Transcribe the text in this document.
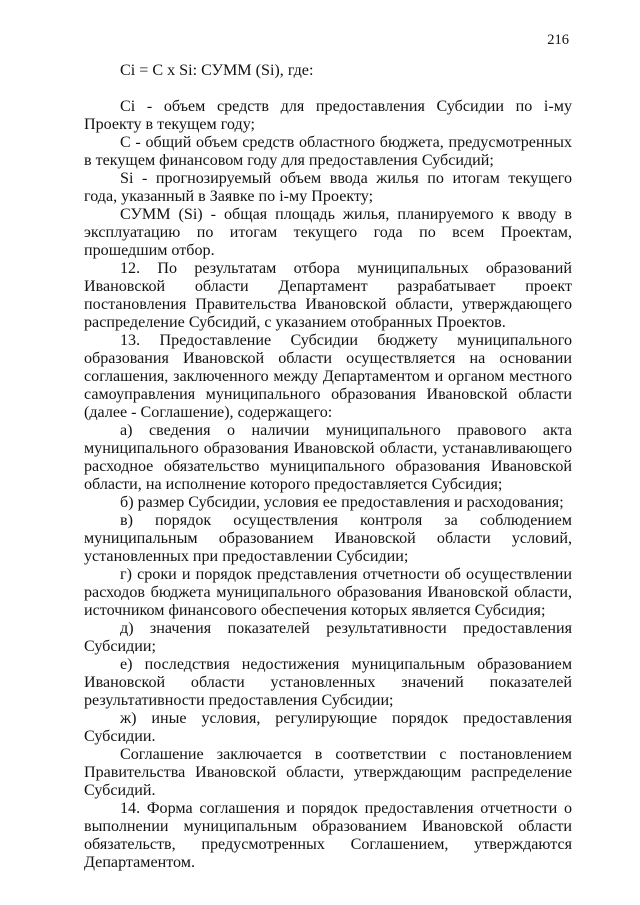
216

Ci = C x Si: СУММ (Si), где:

Ci - объем средств для предоставления Субсидии по i-му Проекту в текущем году;

C - общий объем средств областного бюджета, предусмотренных в текущем финансовом году для предоставления Субсидий;

Si - прогнозируемый объем ввода жилья по итогам текущего года, указанный в Заявке по i-му Проекту;

СУММ (Si) - общая площадь жилья, планируемого к вводу в эксплуатацию по итогам текущего года по всем Проектам, прошедшим отбор.

12. По результатам отбора муниципальных образований Ивановской области Департамент разрабатывает проект постановления Правительства Ивановской области, утверждающего распределение Субсидий, с указанием отобранных Проектов.

13. Предоставление Субсидии бюджету муниципального образования Ивановской области осуществляется на основании соглашения, заключенного между Департаментом и органом местного самоуправления муниципального образования Ивановской области (далее - Соглашение), содержащего:

а) сведения о наличии муниципального правового акта муниципального образования Ивановской области, устанавливающего расходное обязательство муниципального образования Ивановской области, на исполнение которого предоставляется Субсидия;

б) размер Субсидии, условия ее предоставления и расходования;

в) порядок осуществления контроля за соблюдением муниципальным образованием Ивановской области условий, установленных при предоставлении Субсидии;

г) сроки и порядок представления отчетности об осуществлении расходов бюджета муниципального образования Ивановской области, источником финансового обеспечения которых является Субсидия;

д) значения показателей результативности предоставления Субсидии;

е) последствия недостижения муниципальным образованием Ивановской области установленных значений показателей результативности предоставления Субсидии;

ж) иные условия, регулирующие порядок предоставления Субсидии.

Соглашение заключается в соответствии с постановлением Правительства Ивановской области, утверждающим распределение Субсидий.

14. Форма соглашения и порядок предоставления отчетности о выполнении муниципальным образованием Ивановской области обязательств, предусмотренных Соглашением, утверждаются Департаментом.
